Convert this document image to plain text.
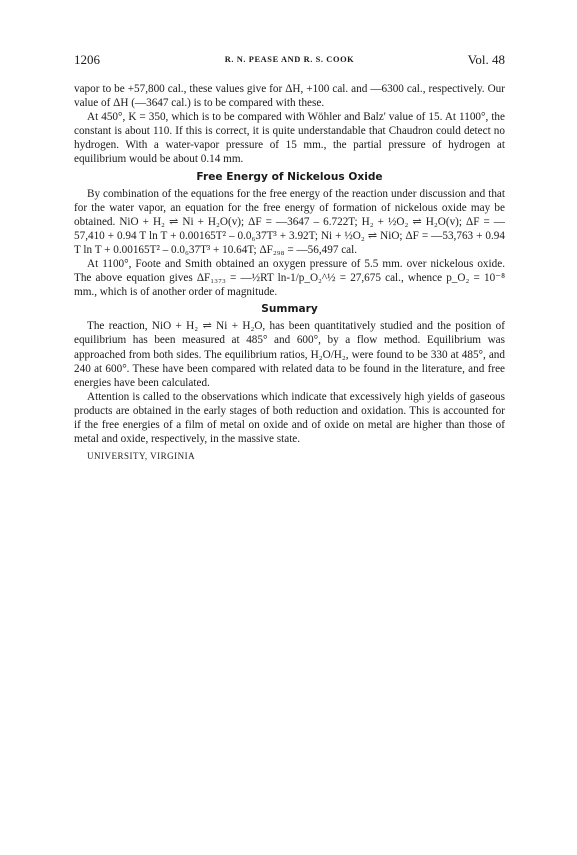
1206	R. N. PEASE AND R. S. COOK	Vol. 48

vapor to be +57,800 cal., these values give for ΔH, +100 cal. and —6300 cal., respectively. Our value of ΔH (—3647 cal.) is to be compared with these.

At 450°, K = 350, which is to be compared with Wöhler and Balz' value of 15. At 1100°, the constant is about 110. If this is correct, it is quite understandable that Chaudron could detect no hydrogen. With a water-vapor pressure of 15 mm., the partial pressure of hydrogen at equilibrium would be about 0.14 mm.

Free Energy of Nickelous Oxide

By combination of the equations for the free energy of the reaction under discussion and that for the water vapor, an equation for the free energy of formation of nickelous oxide may be obtained. NiO + H₂ ⇌ Ni + H₂O(v); ΔF = —3647 – 6.722T; H₂ + ½O₂ ⇌ H₂O(v); ΔF = —57,410 + 0.94 T ln T + 0.00165T² – 0.0₆37T³ + 3.92T; Ni + ½O₂ ⇌ NiO; ΔF = —53,763 + 0.94 T ln T + 0.00165T² – 0.0₆37T³ + 10.64T; ΔF₂₉₈ = —56,497 cal.

At 1100°, Foote and Smith obtained an oxygen pressure of 5.5 mm. over nickelous oxide. The above equation gives ΔF₁₃₇₃ = —½RT ln-1/p_O₂^½ = 27,675 cal., whence p_O₂ = 10⁻⁸ mm., which is of another order of magnitude.

Summary

The reaction, NiO + H₂ ⇌ Ni + H₂O, has been quantitatively studied and the position of equilibrium has been measured at 485° and 600°, by a flow method. Equilibrium was approached from both sides. The equilibrium ratios, H₂O/H₂, were found to be 330 at 485°, and 240 at 600°. These have been compared with related data to be found in the literature, and free energies have been calculated.

Attention is called to the observations which indicate that excessively high yields of gaseous products are obtained in the early stages of both reduction and oxidation. This is accounted for if the free energies of a film of metal on oxide and of oxide on metal are higher than those of metal and oxide, respectively, in the massive state.

UNIVERSITY, VIRGINIA
